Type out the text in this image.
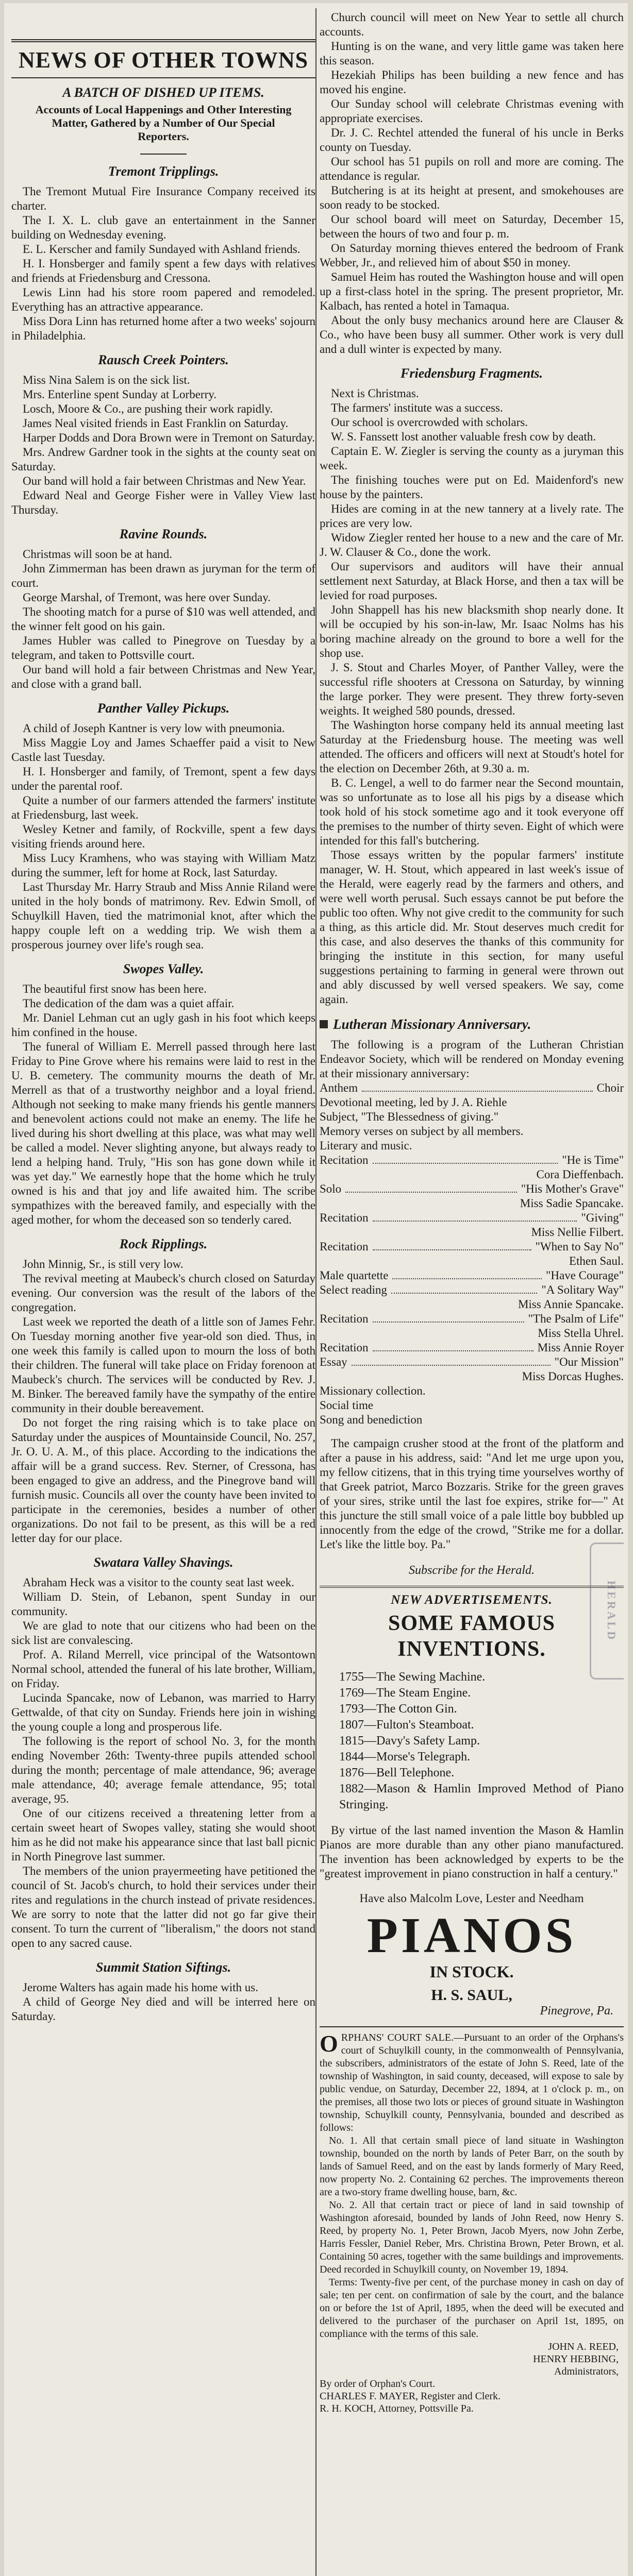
NEWS OF OTHER TOWNS
A BATCH OF DISHED UP ITEMS.
Accounts of Local Happenings and Other Interesting Matter, Gathered by a Number of Our Special Reporters.
Tremont Tripplings.

The Tremont Mutual Fire Insurance Company received its charter.

The I. X. L. club gave an entertainment in the Sanner building on Wednesday evening.

E. L. Kerscher and family Sundayed with Ashland friends.

H. I. Honsberger and family spent a few days with relatives and friends at Friedensburg and Cressona.

Lewis Linn had his store room papered and remodeled. Everything has an attractive appearance.

Miss Dora Linn has returned home after a two weeks' sojourn in Philadelphia.

Rausch Creek Pointers.

Miss Nina Salem is on the sick list.

Mrs. Enterline spent Sunday at Lorberry.

Losch, Moore & Co., are pushing their work rapidly.

James Neal visited friends in East Franklin on Saturday.

Harper Dodds and Dora Brown were in Tremont on Saturday.

Mrs. Andrew Gardner took in the sights at the county seat on Saturday.

Our band will hold a fair between Christmas and New Year.

Edward Neal and George Fisher were in Valley View last Thursday.

Ravine Rounds.

Christmas will soon be at hand.

John Zimmerman has been drawn as juryman for the term of court.

George Marshal, of Tremont, was here over Sunday.

The shooting match for a purse of $10 was well attended, and the winner felt good on his gain.

James Hubler was called to Pinegrove on Tuesday by a telegram, and taken to Pottsville court.

Our band will hold a fair between Christmas and New Year, and close with a grand ball.

Panther Valley Pickups.

A child of Joseph Kantner is very low with pneumonia.

Miss Maggie Loy and James Schaeffer paid a visit to New Castle last Tuesday.

H. I. Honsberger and family, of Tremont, spent a few days under the parental roof.

Quite a number of our farmers attended the farmers' institute at Friedensburg, last week.

Wesley Ketner and family, of Rockville, spent a few days visiting friends around here.

Miss Lucy Kramhens, who was staying with William Matz during the summer, left for home at Rock, last Saturday.

Last Thursday Mr. Harry Straub and Miss Annie Riland were united in the holy bonds of matrimony. Rev. Edwin Smoll, of Schuylkill Haven, tied the matrimonial knot, after which the happy couple left on a wedding trip. We wish them a prosperous journey over life's rough sea.

Swopes Valley.

The beautiful first snow has been here.

The dedication of the dam was a quiet affair.

Mr. Daniel Lehman cut an ugly gash in his foot which keeps him confined in the house.

The funeral of William E. Merrell passed through here last Friday to Pine Grove where his remains were laid to rest in the U. B. cemetery. The community mourns the death of Mr. Merrell as that of a trustworthy neighbor and a loyal friend. Although not seeking to make many friends his gentle manners and benevolent actions could not make an enemy. The life he lived during his short dwelling at this place, was what may well be called a model. Never slighting anyone, but always ready to lend a helping hand. Truly, "His son has gone down while it was yet day." We earnestly hope that the home which he truly owned is his and that joy and life awaited him. The scribe sympathizes with the bereaved family, and especially with the aged mother, for whom the deceased son so tenderly cared.

Rock Ripplings.

John Minnig, Sr., is still very low.

The revival meeting at Maubeck's church closed on Saturday evening. Our conversion was the result of the labors of the congregation.

Last week we reported the death of a little son of James Fehr. On Tuesday morning another five year-old son died. Thus, in one week this family is called upon to mourn the loss of both their children. The funeral will take place on Friday forenoon at Maubeck's church. The services will be conducted by Rev. J. M. Binker. The bereaved family have the sympathy of the entire community in their double bereavement.

Do not forget the ring raising which is to take place on Saturday under the auspices of Mountainside Council, No. 257, Jr. O. U. A. M., of this place. According to the indications the affair will be a grand success. Rev. Sterner, of Cressona, has been engaged to give an address, and the Pinegrove band will furnish music. Councils all over the county have been invited to participate in the ceremonies, besides a number of other organizations. Do not fail to be present, as this will be a red letter day for our place.

Swatara Valley Shavings.

Abraham Heck was a visitor to the county seat last week.

William D. Stein, of Lebanon, spent Sunday in our community.

We are glad to note that our citizens who had been on the sick list are convalescing.

Prof. A. Riland Merrell, vice principal of the Watsontown Normal school, attended the funeral of his late brother, William, on Friday.

Lucinda Spancake, now of Lebanon, was married to Harry Gettwalde, of that city on Sunday. Friends here join in wishing the young couple a long and prosperous life.

The following is the report of school No. 3, for the month ending November 26th: Twenty-three pupils attended school during the month; percentage of male attendance, 96; average male attendance, 40; average female attendance, 95; total average, 95.

One of our citizens received a threatening letter from a certain sweet heart of Swopes valley, stating she would shoot him as he did not make his appearance since that last ball picnic in North Pinegrove last summer.

The members of the union prayermeeting have petitioned the council of St. Jacob's church, to hold their services under their rites and regulations in the church instead of private residences. We are sorry to note that the latter did not go far give their consent. To turn the current of "liberalism," the doors not stand open to any sacred cause.

Summit Station Siftings.

Jerome Walters has again made his home with us.

A child of George Ney died and will be interred here on Saturday.

Church council will meet on New Year to settle all church accounts.

Hunting is on the wane, and very little game was taken here this season.

Hezekiah Philips has been building a new fence and has moved his engine.

Our Sunday school will celebrate Christmas evening with appropriate exercises.

Dr. J. C. Rechtel attended the funeral of his uncle in Berks county on Tuesday.

Our school has 51 pupils on roll and more are coming. The attendance is regular.

Butchering is at its height at present, and smokehouses are soon ready to be stocked.

Our school board will meet on Saturday, December 15, between the hours of two and four p. m.

On Saturday morning thieves entered the bedroom of Frank Webber, Jr., and relieved him of about $50 in money.

Samuel Heim has routed the Washington house and will open up a first-class hotel in the spring. The present proprietor, Mr. Kalbach, has rented a hotel in Tamaqua.

About the only busy mechanics around here are Clauser & Co., who have been busy all summer. Other work is very dull and a dull winter is expected by many.

Friedensburg Fragments.

Next is Christmas.

The farmers' institute was a success.

Our school is overcrowded with scholars.

W. S. Fanssett lost another valuable fresh cow by death.

Captain E. W. Ziegler is serving the county as a juryman this week.

The finishing touches were put on Ed. Maidenford's new house by the painters.

Hides are coming in at the new tannery at a lively rate. The prices are very low.

Widow Ziegler rented her house to a new and the care of Mr. J. W. Clauser & Co., done the work.

Our supervisors and auditors will have their annual settlement next Saturday, at Black Horse, and then a tax will be levied for road purposes.

John Shappell has his new blacksmith shop nearly done. It will be occupied by his son-in-law, Mr. Isaac Nolms has his boring machine already on the ground to bore a well for the shop use.

J. S. Stout and Charles Moyer, of Panther Valley, were the successful rifle shooters at Cressona on Saturday, by winning the large porker. They were present. They threw forty-seven weights. It weighed 580 pounds, dressed.

The Washington horse company held its annual meeting last Saturday at the Friedensburg house. The meeting was well attended. The officers and officers will next at Stoudt's hotel for the election on December 26th, at 9.30 a. m.

B. C. Lengel, a well to do farmer near the Second mountain, was so unfortunate as to lose all his pigs by a disease which took hold of his stock sometime ago and it took everyone off the premises to the number of thirty seven. Eight of which were intended for this fall's butchering.

Those essays written by the popular farmers' institute manager, W. H. Stout, which appeared in last week's issue of the Herald, were eagerly read by the farmers and others, and were well worth perusal. Such essays cannot be put before the public too often. Why not give credit to the community for such a thing, as this article did. Mr. Stout deserves much credit for this case, and also deserves the thanks of this community for bringing the institute in this section, for many useful suggestions pertaining to farming in general were thrown out and ably discussed by well versed speakers. We say, come again.

Lutheran Missionary Anniversary.

The following is a program of the Lutheran Christian Endeavor Society, which will be rendered on Monday evening at their missionary anniversary:

Anthem	Choir
Devotional meeting, led by J. A. Riehle
Subject, "The Blessedness of giving."
Memory verses on subject by all members.
Literary and music.
Recitation	"He is Time"
Cora Dieffenbach.
Solo	"His Mother's Grave"
Miss Sadie Spancake.
Recitation	"Giving"
Miss Nellie Filbert.
Recitation	"When to Say No"
Ethen Saul.
Male quartette	"Have Courage"
Select reading	"A Solitary Way"
Miss Annie Spancake.
Recitation	"The Psalm of Life"
Miss Stella Uhrel.
Recitation	Miss Annie Royer
Essay	"Our Mission"
Miss Dorcas Hughes.
Missionary collection.
Social time
Song and benediction

The campaign crusher stood at the front of the platform and after a pause in his address, said: "And let me urge upon you, my fellow citizens, that in this trying time yourselves worthy of that Greek patriot, Marco Bozzaris. Strike for the green graves of your sires, strike until the last foe expires, strike for—" At this juncture the still small voice of a pale little boy bubbled up innocently from the edge of the crowd, "Strike me for a dollar. Let's like the little boy. Pa."

HERALD
Subscribe for the Herald.
NEW ADVERTISEMENTS.
SOME FAMOUS INVENTIONS.
1755—The Sewing Machine.
1769—The Steam Engine.
1793—The Cotton Gin.
1807—Fulton's Steamboat.
1815—Davy's Safety Lamp.
1844—Morse's Telegraph.
1876—Bell Telephone.
1882—Mason & Hamlin Improved Method of Piano Stringing.

By virtue of the last named invention the Mason & Hamlin Pianos are more durable than any other piano manufactured. The invention has been acknowledged by experts to be the "greatest improvement in piano construction in half a century."

Have also Malcolm Love, Lester and Needham

PIANOS
IN STOCK.
H. S. SAUL,
Pinegrove, Pa.

ORPHANS' COURT SALE.—Pursuant to an order of the Orphans's court of Schuylkill county, in the commonwealth of Pennsylvania, the subscribers, administrators of the estate of John S. Reed, late of the township of Washington, in said county, deceased, will expose to sale by public vendue, on Saturday, December 22, 1894, at 1 o'clock p. m., on the premises, all those two lots or pieces of ground situate in Washington township, Schuylkill county, Pennsylvania, bounded and described as follows:

No. 1. All that certain small piece of land situate in Washington township, bounded on the north by lands of Peter Barr, on the south by lands of Samuel Reed, and on the east by lands formerly of Mary Reed, now property No. 2. Containing 62 perches. The improvements thereon are a two-story frame dwelling house, barn, &c.

No. 2. All that certain tract or piece of land in said township of Washington aforesaid, bounded by lands of John Reed, now Henry S. Reed, by property No. 1, Peter Brown, Jacob Myers, now John Zerbe, Harris Fessler, Daniel Reber, Mrs. Christina Brown, Peter Brown, et al. Containing 50 acres, together with the same buildings and improvements. Deed recorded in Schuylkill county, on November 19, 1894.

Terms: Twenty-five per cent, of the purchase money in cash on day of sale; ten per cent. on confirmation of sale by the court, and the balance on or before the 1st of April, 1895, when the deed will be executed and delivered to the purchaser of the purchaser on April 1st, 1895, on compliance with the terms of this sale.

JOHN A. REED,
HENRY HEBBING,
Administrators,
By order of Orphan's Court.
CHARLES F. MAYER, Register and Clerk.
R. H. KOCH, Attorney, Pottsville Pa.
